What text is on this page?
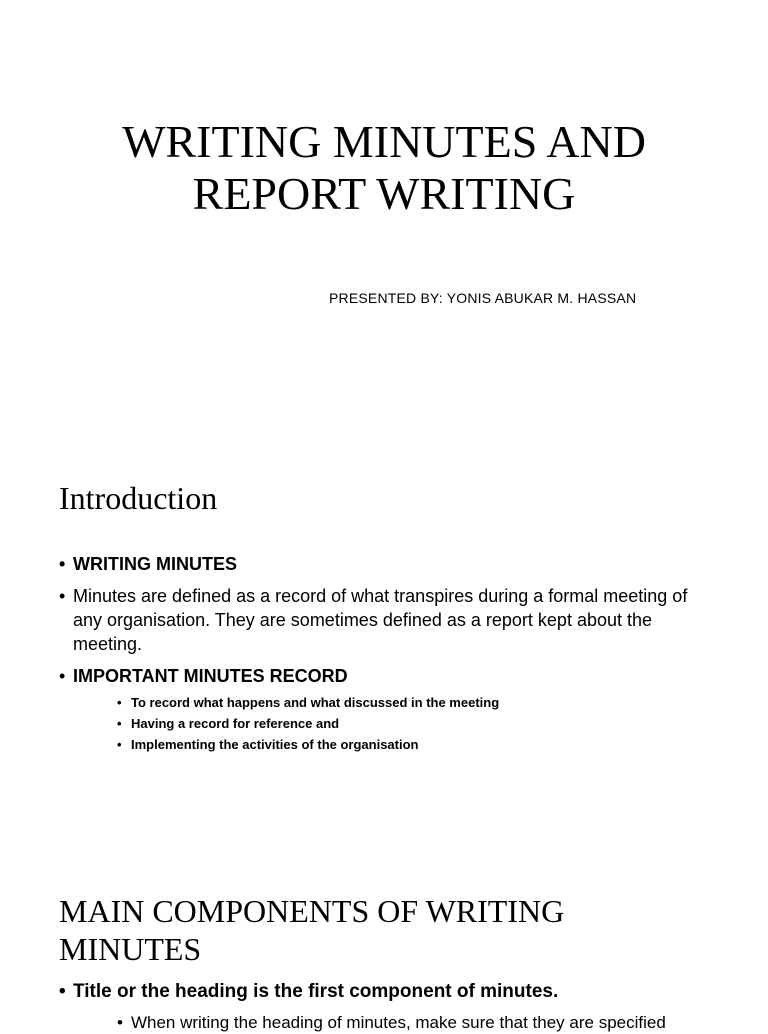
WRITING MINUTES AND
REPORT WRITING
PRESENTED BY: YONIS ABUKAR M. HASSAN
Introduction
• WRITING MINUTES
• Minutes are defined as a record of what transpires during a formal meeting of any organisation. They are sometimes defined as a report kept about the meeting.
• IMPORTANT MINUTES RECORD
• To record what happens and what discussed in the meeting
• Having a record for reference and
• Implementing the activities of the organisation
MAIN COMPONENTS OF WRITING
MINUTES
• Title or the heading is the first component of minutes.
• When writing the heading of minutes, make sure that they are specified
